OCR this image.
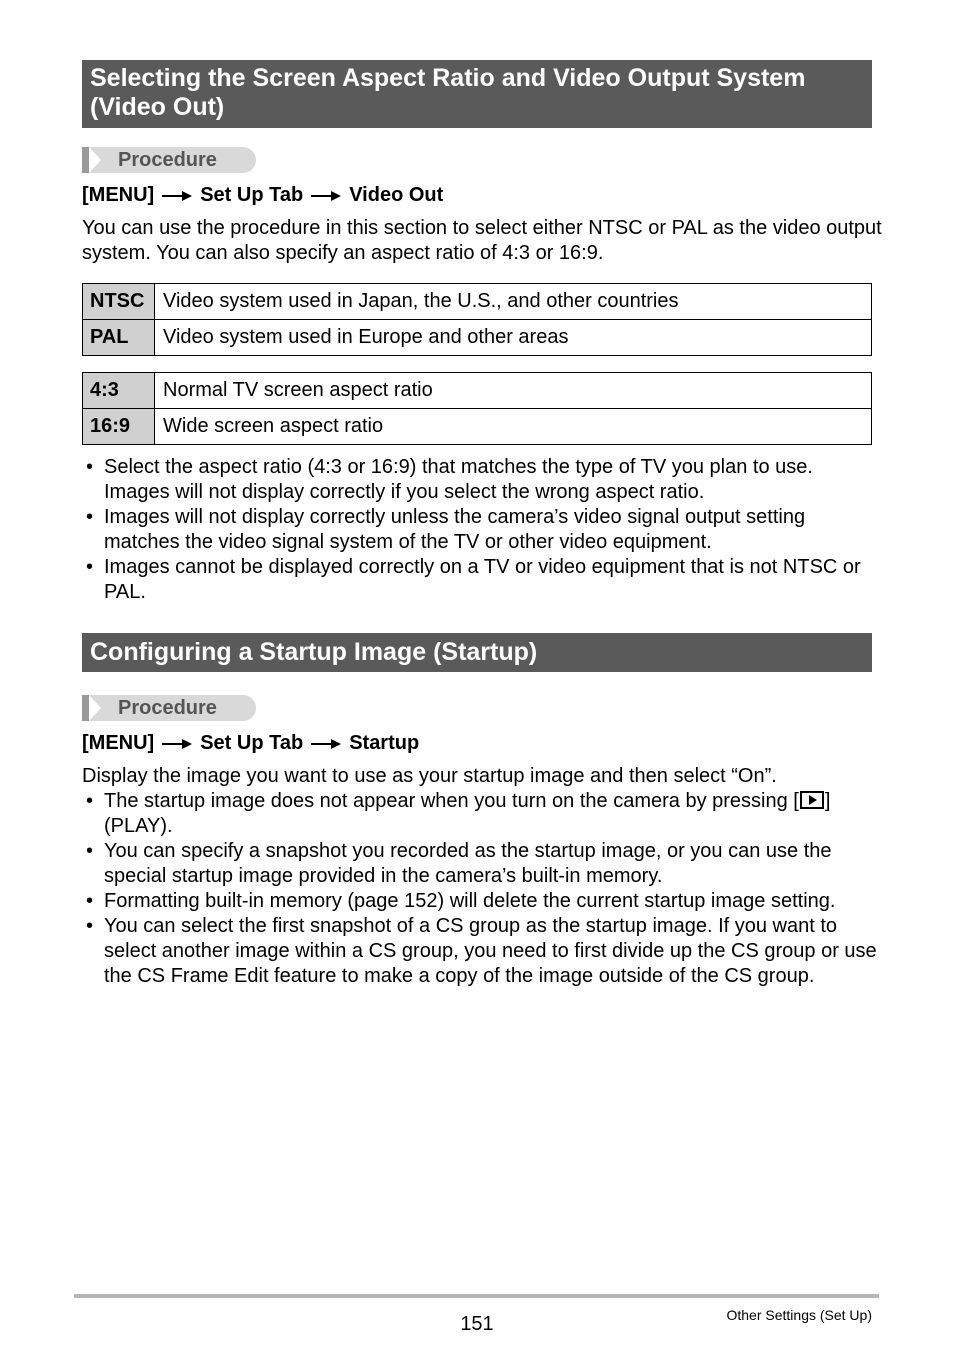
Selecting the Screen Aspect Ratio and Video Output System (Video Out)
Procedure
[MENU] Set Up Tab Video Out
You can use the procedure in this section to select either NTSC or PAL as the video output system. You can also specify an aspect ratio of 4:3 or 16:9.
NTSC	Video system used in Japan, the U.S., and other countries
PAL	Video system used in Europe and other areas
4:3	Normal TV screen aspect ratio
16:9	Wide screen aspect ratio
• Select the aspect ratio (4:3 or 16:9) that matches the type of TV you plan to use. Images will not display correctly if you select the wrong aspect ratio.
• Images will not display correctly unless the camera’s video signal output setting matches the video signal system of the TV or other video equipment.
• Images cannot be displayed correctly on a TV or video equipment that is not NTSC or PAL.
Configuring a Startup Image (Startup)
Procedure
[MENU] Set Up Tab Startup
Display the image you want to use as your startup image and then select “On”.
• The startup image does not appear when you turn on the camera by pressing [ ] (PLAY).
• You can specify a snapshot you recorded as the startup image, or you can use the special startup image provided in the camera’s built-in memory.
• Formatting built-in memory (page 152) will delete the current startup image setting.
• You can select the first snapshot of a CS group as the startup image. If you want to select another image within a CS group, you need to first divide up the CS group or use the CS Frame Edit feature to make a copy of the image outside of the CS group.
151	Other Settings (Set Up)
